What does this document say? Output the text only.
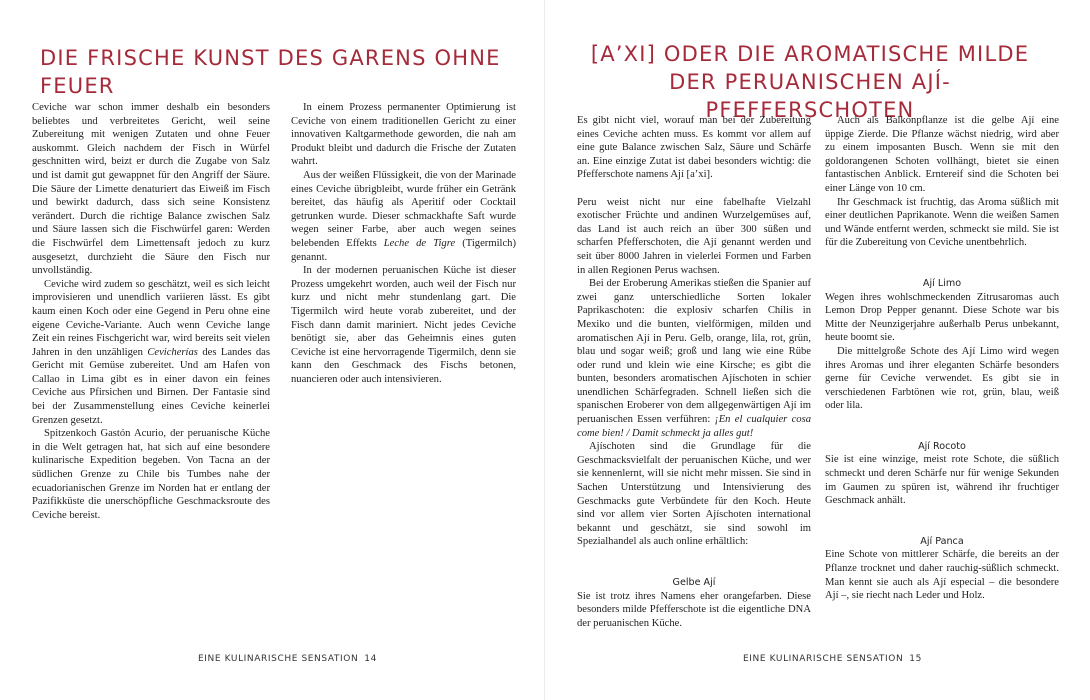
DIE FRISCHE KUNST DES GARENS OHNE FEUER

Ceviche war schon immer deshalb ein besonders beliebtes und verbreitetes Gericht, weil seine Zubereitung mit wenigen Zutaten und ohne Feuer auskommt. Gleich nachdem der Fisch in Würfel geschnitten wird, beizt er durch die Zugabe von Salz und ist damit gut gewappnet für den Angriff der Säure. Die Säure der Limette denaturiert das Eiweiß im Fisch und bewirkt dadurch, dass sich seine Konsistenz verändert. Durch die richtige Balance zwischen Salz und Säure lassen sich die Fischwürfel garen: Werden die Fischwürfel dem Limettensaft jedoch zu kurz ausgesetzt, durchzieht die Säure den Fisch nur unvollständig.

Ceviche wird zudem so geschätzt, weil es sich leicht improvisieren und unendlich variieren lässt. Es gibt kaum einen Koch oder eine Gegend in Peru ohne eine eigene Ceviche-Variante. Auch wenn Ceviche lange Zeit ein reines Fischgericht war, wird bereits seit vielen Jahren in den unzähligen Cevicherías des Landes das Gericht mit Gemüse zubereitet. Und am Hafen von Callao in Lima gibt es in einer davon ein feines Ceviche aus Pfirsichen und Birnen. Der Fantasie sind bei der Zusammenstellung eines Ceviche keinerlei Grenzen gesetzt.

Spitzenkoch Gastón Acurio, der peruanische Küche in die Welt getragen hat, hat sich auf eine besondere kulinarische Expedition begeben. Von Tacna an der südlichen Grenze zu Chile bis Tumbes nahe der ecuadorianischen Grenze im Norden hat er entlang der Pazifikküste die unerschöpfliche Geschmacksroute des Ceviche bereist.

In einem Prozess permanenter Optimierung ist Ceviche von einem traditionellen Gericht zu einer innovativen Kaltgarmethode geworden, die nah am Produkt bleibt und dadurch die Frische der Zutaten wahrt.

Aus der weißen Flüssigkeit, die von der Marinade eines Ceviche übrigbleibt, wurde früher ein Getränk bereitet, das häufig als Aperitif oder Cocktail getrunken wurde. Dieser schmackhafte Saft wurde wegen seiner Farbe, aber auch wegen seines belebenden Effekts Leche de Tigre (Tigermilch) genannt.

In der modernen peruanischen Küche ist dieser Prozess umgekehrt worden, auch weil der Fisch nur kurz und nicht mehr stundenlang gart. Die Tigermilch wird heute vorab zubereitet, und der Fisch dann damit mariniert. Nicht jedes Ceviche benötigt sie, aber das Geheimnis eines guten Ceviche ist eine hervorragende Tigermilch, denn sie kann den Geschmack des Fischs betonen, nuancieren oder auch intensivieren.

EINE KULINARISCHE SENSATION 14
[A’XI] ODER DIE AROMATISCHE MILDE DER PERUANISCHEN AJÍ-PFEFFERSCHOTEN

Es gibt nicht viel, worauf man bei der Zubereitung eines Ceviche achten muss. Es kommt vor allem auf eine gute Balance zwischen Salz, Säure und Schärfe an. Eine einzige Zutat ist dabei besonders wichtig: die Pfefferschote namens Ají [a’xi].

Peru weist nicht nur eine fabelhafte Vielzahl exotischer Früchte und andinen Wurzelgemüses auf, das Land ist auch reich an über 300 süßen und scharfen Pfefferschoten, die Ají genannt werden und seit über 8000 Jahren in vielerlei Formen und Farben in allen Regionen Perus wachsen.

Bei der Eroberung Amerikas stießen die Spanier auf zwei ganz unterschiedliche Sorten lokaler Paprikaschoten: die explosiv scharfen Chilis in Mexiko und die bunten, vielförmigen, milden und aromatischen Ají in Peru. Gelb, orange, lila, rot, grün, blau und sogar weiß; groß und lang wie eine Rübe oder rund und klein wie eine Kirsche; es gibt die bunten, besonders aromatischen Ajíschoten in schier unendlichen Schärfegraden. Schnell ließen sich die spanischen Eroberer von dem allgegenwärtigen Ají im peruanischen Essen verführen: ¡En el cualquier cosa come bien! / Damit schmeckt ja alles gut!

Ajíschoten sind die Grundlage für die Geschmacksvielfalt der peruanischen Küche, und wer sie kennenlernt, will sie nicht mehr missen. Sie sind in Sachen Unterstützung und Intensivierung des Geschmacks gute Verbündete für den Koch. Heute sind vor allem vier Sorten Ajíschoten international bekannt und geschätzt, sie sind sowohl im Spezialhandel als auch online erhältlich:

Gelbe Ají

Sie ist trotz ihres Namens eher orangefarben. Diese besonders milde Pfefferschote ist die eigentliche DNA der peruanischen Küche.

Auch als Balkonpflanze ist die gelbe Ají eine üppige Zierde. Die Pflanze wächst niedrig, wird aber zu einem imposanten Busch. Wenn sie mit den goldorangenen Schoten vollhängt, bietet sie einen fantastischen Anblick. Erntereif sind die Schoten bei einer Länge von 10 cm.

Ihr Geschmack ist fruchtig, das Aroma süßlich mit einer deutlichen Paprikanote. Wenn die weißen Samen und Wände entfernt werden, schmeckt sie mild. Sie ist für die Zubereitung von Ceviche unentbehrlich.

Ají Limo

Wegen ihres wohlschmeckenden Zitrusaromas auch Lemon Drop Pepper genannt. Diese Schote war bis Mitte der Neunzigerjahre außerhalb Perus unbekannt, heute boomt sie.

Die mittelgroße Schote des Ají Limo wird wegen ihres Aromas und ihrer eleganten Schärfe besonders gerne für Ceviche verwendet. Es gibt sie in verschiedenen Farbtönen wie rot, grün, blau, weiß oder lila.

Ají Rocoto

Sie ist eine winzige, meist rote Schote, die süßlich schmeckt und deren Schärfe nur für wenige Sekunden im Gaumen zu spüren ist, während ihr fruchtiger Geschmack anhält.

Ají Panca

Eine Schote von mittlerer Schärfe, die bereits an der Pflanze trocknet und daher rauchig-süßlich schmeckt. Man kennt sie auch als Ají especial – die besondere Ají –, sie riecht nach Leder und Holz.

EINE KULINARISCHE SENSATION 15
